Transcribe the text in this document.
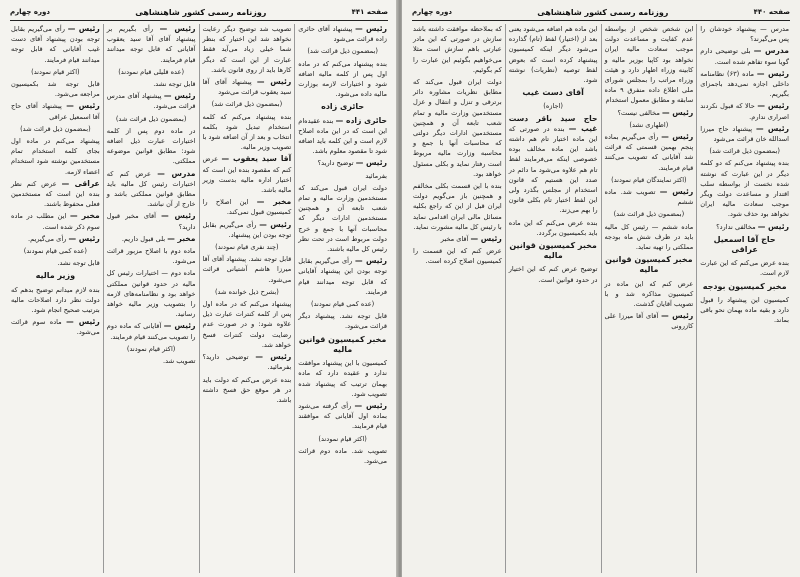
صفحه ۴۴۱
روزنامه رسمی کشور شاهنشاهی
دوره چهارم
رئیس — پیشنهاد آقای حائری زاده قرائت می‌شود
(بمضمون ذیل قرائت شد)
بنده پیشنهاد می‌کنم که در ماده اول پس از کلمه مالیه اضافه شود و اختیارات لازمه بوزارت مالیه داده می‌شود.
حائری زاده
حائری زاده — بنده عقیده‌ام این است که در این ماده اصلاح لازم است و این کلمه باید اضافه شود تا مقصود معلوم باشد.
رئیس — توضیح دارید؟
بفرمائید
دولت ایران قبول می‌کند که مستخدمین وزارت مالیه و تمام شعب تابعه آن و همچنین مستخدمین ادارات دیگر که محاسبات آنها با جمع و خرج دولت مربوط است در تحت نظر رئیس کل مالیه باشند.
رئیس — رأی می‌گیریم بقابل توجه بودن این پیشنهاد آقایانی که قابل توجه میدانند قیام فرمایند.
(عده کمی قیام نمودند)
قابل توجه نشد. پیشنهاد دیگر قرائت می‌شود.
مخبر کمیسیون قوانین مالیه
کمیسیون با این پیشنهاد موافقت ندارد و عقیده دارد که ماده بهمان ترتیب که پیشنهاد شده تصویب شود.
رئیس — رأی گرفته می‌شود بماده اول آقایانی که موافقند قیام فرمایند.
(اکثر قیام نمودند)
تصویب شد. ماده دوم قرائت می‌شود.
تصویب شد توضیح دیگر رعایت نخواهد شد این اختیار که بنظر شما خیلی زیاد می‌آید فقط عبارت از این است که دیگر کارها باید از روی قانون باشد.
رئیس — پیشنهاد آقای آقا سید یعقوب قرائت می‌شود
(بمضمون ذیل قرائت شد)
بنده پیشنهاد می‌کنم که کلمه استخدام تبدیل شود بکلمه انتخاب و بعد از آن اضافه شود با تصویب وزیر مالیه.
آقا سید یعقوب — عرض کنم که مقصود بنده این است که اختیار اداره مالیه بدست وزیر مالیه باشد.
مخبر — این اصلاح را کمیسیون قبول نمی‌کند.
رئیس — رأی می‌گیریم بقابل توجه بودن این پیشنهاد.
(چند نفری قیام نمودند)
قابل توجه نشد. پیشنهاد آقای آقا میرزا هاشم آشتیانی قرائت می‌شود.
(بشرح ذیل خوانده شد)
پیشنهاد می‌کنم که در ماده اول پس از کلمه کنترات عبارت ذیل علاوه شود: و در صورت عدم رضایت دولت کنترات فسخ خواهد شد.
رئیس — توضیحی دارید؟ بفرمائید.
بنده عرض می‌کنم که دولت باید در هر موقع حق فسخ داشته باشد.
رئیس — رأی بگیریم بر پیشنهاد آقای آقا سید یعقوب آقایانی که قابل توجه میدانند قیام فرمایند.
(عده قلیلی قیام نمودند)
قابل توجه نشد.
رئیس — پیشنهاد آقای مدرس قرائت می‌شود.
(بمضمون ذیل قرائت شد)
در ماده دوم پس از کلمه اختیارات عبارت ذیل اضافه شود: مطابق قوانین موضوعه مملکتی.
مدرس — عرض کنم که اختیارات رئیس کل مالیه باید مطابق قوانین مملکتی باشد و خارج از آن نباشد.
رئیس — آقای مخبر قبول دارید؟
مخبر — بلی قبول داریم.
ماده دوم با اصلاح مزبور قرائت می‌شود.
ماده دوم — اختیارات رئیس کل مالیه در حدود قوانین مملکتی خواهد بود و نظامنامه‌های لازمه را بتصویب وزیر مالیه خواهد رسانید.
رئیس — آقایانی که ماده دوم را تصویب می‌کنند قیام فرمایند.
(اکثر قیام نمودند)
تصویب شد.
رئیس — رأی می‌گیریم بقابل توجه بودن پیشنهاد آقای دست غیب آقایانی که قابل توجه میدانند قیام فرمایند.
(اکثر قیام نمودند)
قابل توجه شد بکمیسیون مراجعه می‌شود.
رئیس — پیشنهاد آقای حاج آقا اسمعیل عراقی
(بمضمون ذیل قرائت شد)
پیشنهاد می‌کنم در ماده اول بجای کلمه استخدام تمام مستخدمین نوشته شود استخدام اعضاء لازمه.
عراقی — عرض کنم نظر بنده این است که مستخدمین فعلی محفوظ باشند.
مخبر — این مطلب در ماده سوم ذکر شده است.
رئیس — رأی می‌گیریم.
(عده کمی قیام نمودند)
قابل توجه نشد.
وزیر مالیه
بنده لازم میدانم توضیح بدهم که دولت نظر دارد اصلاحات مالیه بترتیب صحیح انجام شود.
رئیس — ماده سوم قرائت می‌شود.
صفحه ۴۴۰
روزنامه رسمی کشور شاهنشاهی
دوره چهارم
مدرس — پیشنهاد خودشان را پس می‌گیرند؟
مدرس — بلی توضیحی دارم گویا سوء تفاهم شده است.
رئیس — ماده (۶۳) نظامنامه داخلی اجازه نمی‌دهد باجمزای بگیریم.
رئیس — حالا که قبول نکردند اصراری ندارم.
رئیس — پیشنهاد حاج میرزا اسدالله خان قرائت می‌شود
(بمضمون ذیل قرائت شد)
بنده پیشنهاد می‌کنم که دو کلمه دیگر در این عبارت که نوشته شده نخست از بواسطه سلب اقتدار و مساعدت دولت ویگر موجب سعادت مالیه ایران نخواهد بود حذف شود.
رئیس — مخالفی ندارد؟
حاج آقا اسمعیل عراقی
بنده عرض می‌کنم که این عبارت لازم است.
مخبر کمیسیون بودجه
کمیسیون این پیشنهاد را قبول دارد و بقیه ماده بهمان نحو باقی بماند.
این شخص شخص از بواسطه عدم کفایت و مساعدت دولت موجب سعادت مالیه ایران نخواهد بود کاپیا بوزیر مالیه و کابینه وزراء اظهار دارد و هیئت وزراء مراتب را بمجلس شورای ملی اطلاع داده منفرق ۹ ماده سابقه و مطابق معمول استخدام
رئیس — مخالفی نیست؟
(اظهاری نشد)
رئیس — رأی می‌گیریم بماده پنجم بهمین قسمتی که قرائت شد آقایانی که تصویب می‌کنند قیام فرمایند.
(اکثر نمایندگان قیام نمودند)
رئیس — تصویب شد. ماده ششم
(بمضمون ذیل قرائت شد)
ماده ششم — رئیس کل مالیه باید در ظرف شش ماه بودجه مملکتی را تهیه نماید.
مخبر کمیسیون قوانین مالیه
عرض کنم که این ماده در کمیسیون مذاکره شد و با تصویب آقایان گذشت.
رئیس — آقای آقا میرزا علی کازرونی
این ماده هم اضافه می‌شود یعنی بعد از (اختیار) لفظ (تام) گذارده می‌شود دیگر اینکه کمیسیون پیشنهاد کرده است که بعوض لفظ توصیه (نظریات) نوشته شود.
آقای دست غیب
(اجازه)
حاج سید باقر دست غیب — بنده در صورتی که این ماده اختیار تام هم داشته باشد این ماده مخالف بوده خصوصی اینکه می‌فرمایند لفظ تام هم علاوه می‌شود ما دائم در صدد این هستیم که قانون استخدام از مجلس بگذرد ولی این لفظ اختیار تام بکلی قانون را بهم می‌زند.
بنده عرض می‌کنم که این ماده باید بکمیسیون برگردد.
مخبر کمیسیون قوانین مالیه
توضیح عرض کنم که این اختیار در حدود قوانین است.
که بملاحظه موافقت داشته باشد سازش در صورتی که این مادر عبارتی باهم سازش است مثلا می‌خواهیم بگوئیم این عبارت را کم بگوئیم.
دولت ایران قبول می‌کند که مطابق نظریات مشاوره دائر برترقی و تنزل و انتقال و عزل مستخدمین وزارت مالیه و تمام شعب تابعه آن و همچنین مستخدمین ادارات دیگر دولتی که محاسبات آنها با جمع و محاسبه وزارت مالیه مربوط است رفتار نماید و بکلی مسئول خواهد بود.
بنده با این قسمت بکلی مخالفم و همچنین باز می‌گویم دولت ایران قبل از این که راجع بکلیه مسائل مالی ایران اقدامی نماید با رئیس کل مالیه مشورت نماید.
رئیس — آقای مخبر
عرض کنم که این قسمت را کمیسیون اصلاح کرده است.
